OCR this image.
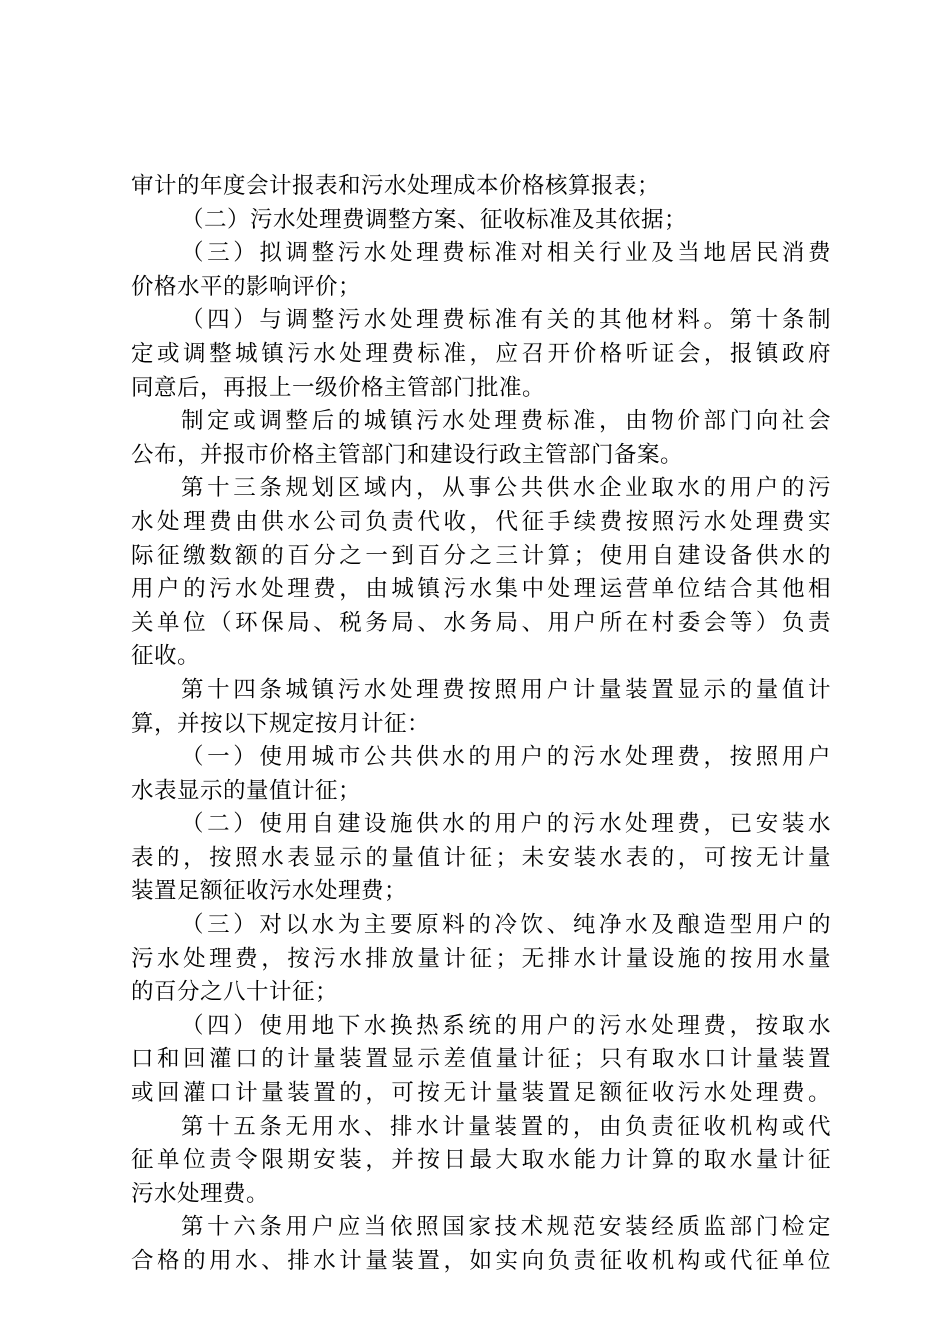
审计的年度会计报表和污水处理成本价格核算报表；
（二）污水处理费调整方案、征收标准及其依据；
（三）拟调整污水处理费标准对相关行业及当地居民消费
价格水平的影响评价；
（四）与调整污水处理费标准有关的其他材料。第十条制
定或调整城镇污水处理费标准，应召开价格听证会，报镇政府
同意后，再报上一级价格主管部门批准。
制定或调整后的城镇污水处理费标准，由物价部门向社会
公布，并报市价格主管部门和建设行政主管部门备案。
第十三条规划区域内，从事公共供水企业取水的用户的污
水处理费由供水公司负责代收，代征手续费按照污水处理费实
际征缴数额的百分之一到百分之三计算；使用自建设备供水的
用户的污水处理费，由城镇污水集中处理运营单位结合其他相
关单位（环保局、税务局、水务局、用户所在村委会等）负责
征收。
第十四条城镇污水处理费按照用户计量装置显示的量值计
算，并按以下规定按月计征：
（一）使用城市公共供水的用户的污水处理费，按照用户
水表显示的量值计征；
（二）使用自建设施供水的用户的污水处理费，已安装水
表的，按照水表显示的量值计征；未安装水表的，可按无计量
装置足额征收污水处理费；
（三）对以水为主要原料的冷饮、纯净水及酿造型用户的
污水处理费，按污水排放量计征；无排水计量设施的按用水量
的百分之八十计征；
（四）使用地下水换热系统的用户的污水处理费，按取水
口和回灌口的计量装置显示差值量计征；只有取水口计量装置
或回灌口计量装置的，可按无计量装置足额征收污水处理费。
第十五条无用水、排水计量装置的，由负责征收机构或代
征单位责令限期安装，并按日最大取水能力计算的取水量计征
污水处理费。
第十六条用户应当依照国家技术规范安装经质监部门检定
合格的用水、排水计量装置，如实向负责征收机构或代征单位
